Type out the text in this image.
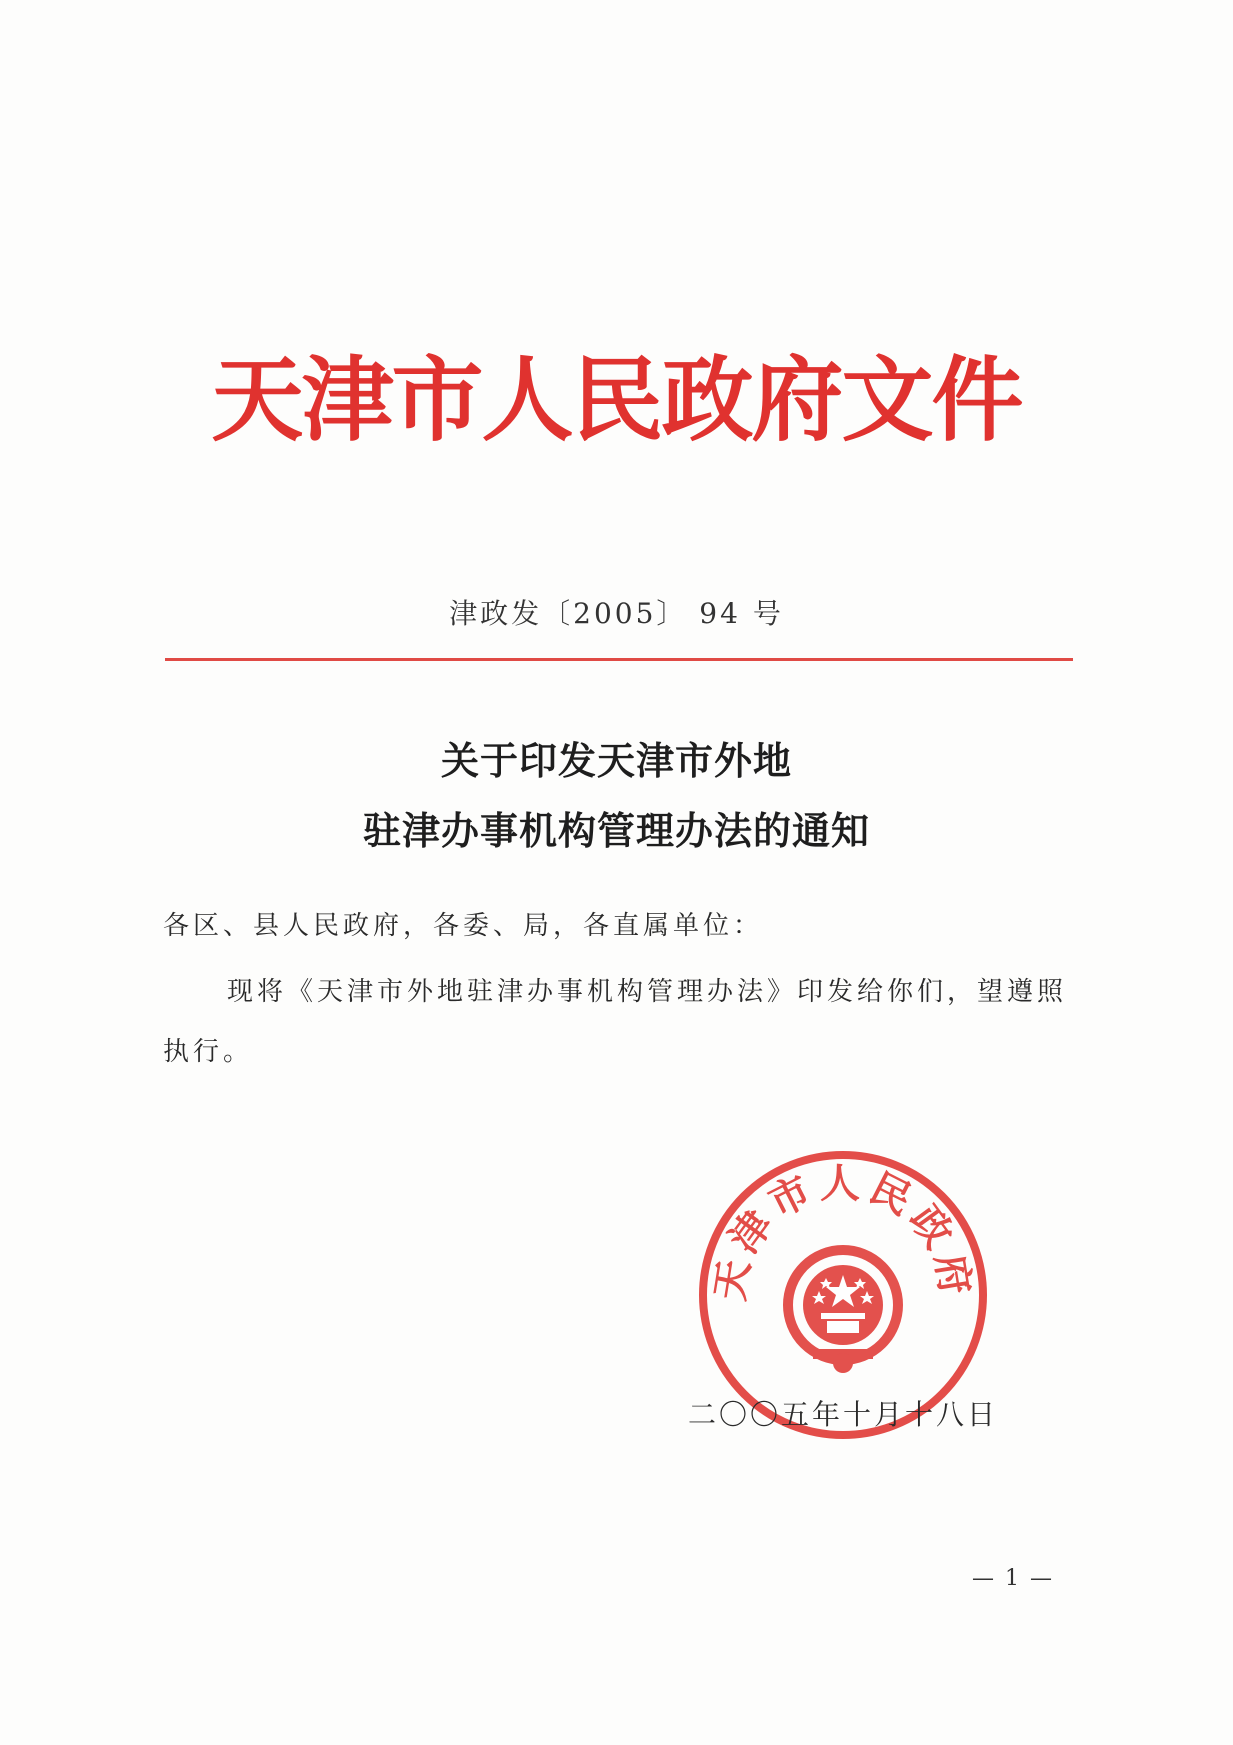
天津市人民政府文件
津政发〔2005〕 94 号
关于印发天津市外地
驻津办事机构管理办法的通知
各区、县人民政府，各委、局，各直属单位：
现将《天津市外地驻津办事机构管理办法》印发给你们，望遵照执行。
天津市人民政府
二〇〇五年十月十八日
— 1 —
